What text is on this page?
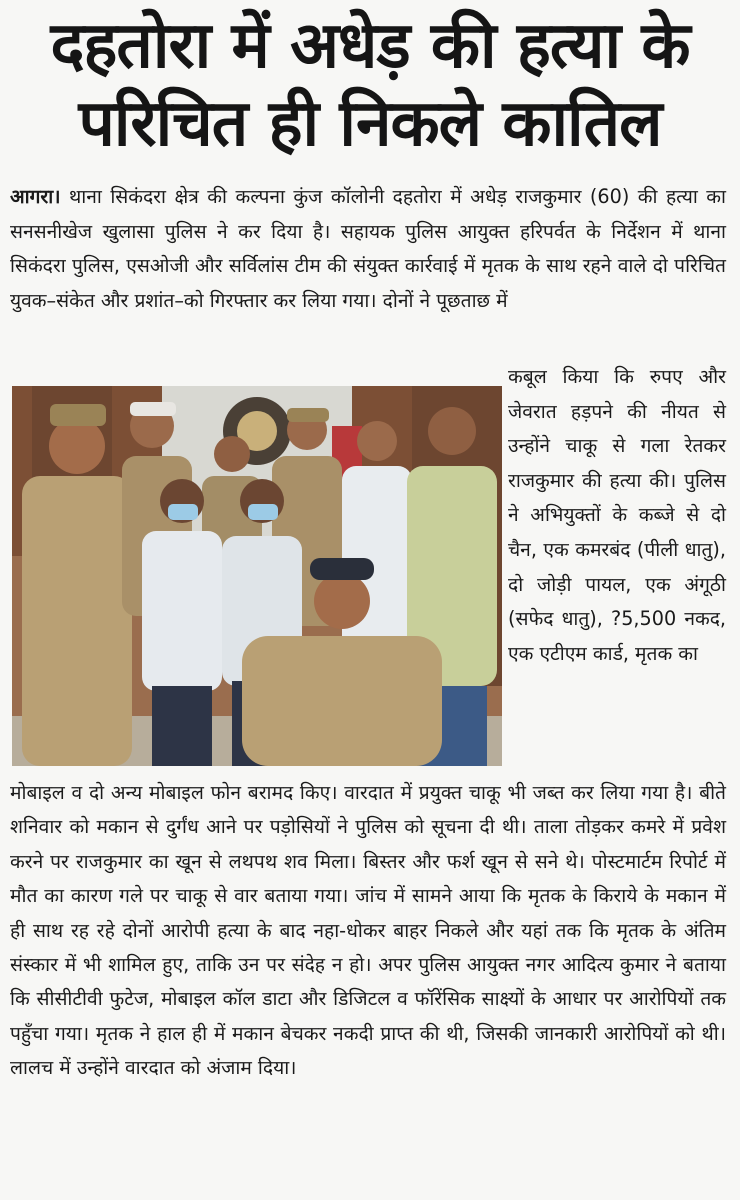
दहतोरा में अधेड़ की हत्या के
परिचित ही निकले कातिल
आगरा। थाना सिकंदरा क्षेत्र की कल्पना कुंज कॉलोनी दहतोरा में अधेड़ राजकुमार (60) की हत्या का सनसनीखेज खुलासा पुलिस ने कर दिया है। सहायक पुलिस आयुक्त हरिपर्वत के निर्देशन में थाना सिकंदरा पुलिस, एसओजी और सर्विलांस टीम की संयुक्त कार्रवाई में मृतक के साथ रहने वाले दो परिचित युवक–संकेत और प्रशांत–को गिरफ्तार कर लिया गया। दोनों ने पूछताछ में
कबूल किया कि रुपए और जेवरात हड़पने की नीयत से उन्होंने चाकू से गला रेतकर राजकुमार की हत्या की। पुलिस ने अभियुक्तों के कब्जे से दो चैन, एक कमरबंद (पीली धातु), दो जोड़ी पायल, एक अंगूठी (सफेद धातु), ?5,500 नकद, एक एटीएम कार्ड, मृतक का
मोबाइल व दो अन्य मोबाइल फोन बरामद किए। वारदात में प्रयुक्त चाकू भी जब्त कर लिया गया है। बीते शनिवार को मकान से दुर्गंध आने पर पड़ोसियों ने पुलिस को सूचना दी थी। ताला तोड़कर कमरे में प्रवेश करने पर राजकुमार का खून से लथपथ शव मिला। बिस्तर और फर्श खून से सने थे। पोस्टमार्टम रिपोर्ट में मौत का कारण गले पर चाकू से वार बताया गया। जांच में सामने आया कि मृतक के किराये के मकान में ही साथ रह रहे दोनों आरोपी हत्या के बाद नहा-धोकर बाहर निकले और यहां तक कि मृतक के अंतिम संस्कार में भी शामिल हुए, ताकि उन पर संदेह न हो। अपर पुलिस आयुक्त नगर आदित्य कुमार ने बताया कि सीसीटीवी फुटेज, मोबाइल कॉल डाटा और डिजिटल व फॉरेंसिक साक्ष्यों के आधार पर आरोपियों तक पहुँचा गया। मृतक ने हाल ही में मकान बेचकर नकदी प्राप्त की थी, जिसकी जानकारी आरोपियों को थी। लालच में उन्होंने वारदात को अंजाम दिया।
